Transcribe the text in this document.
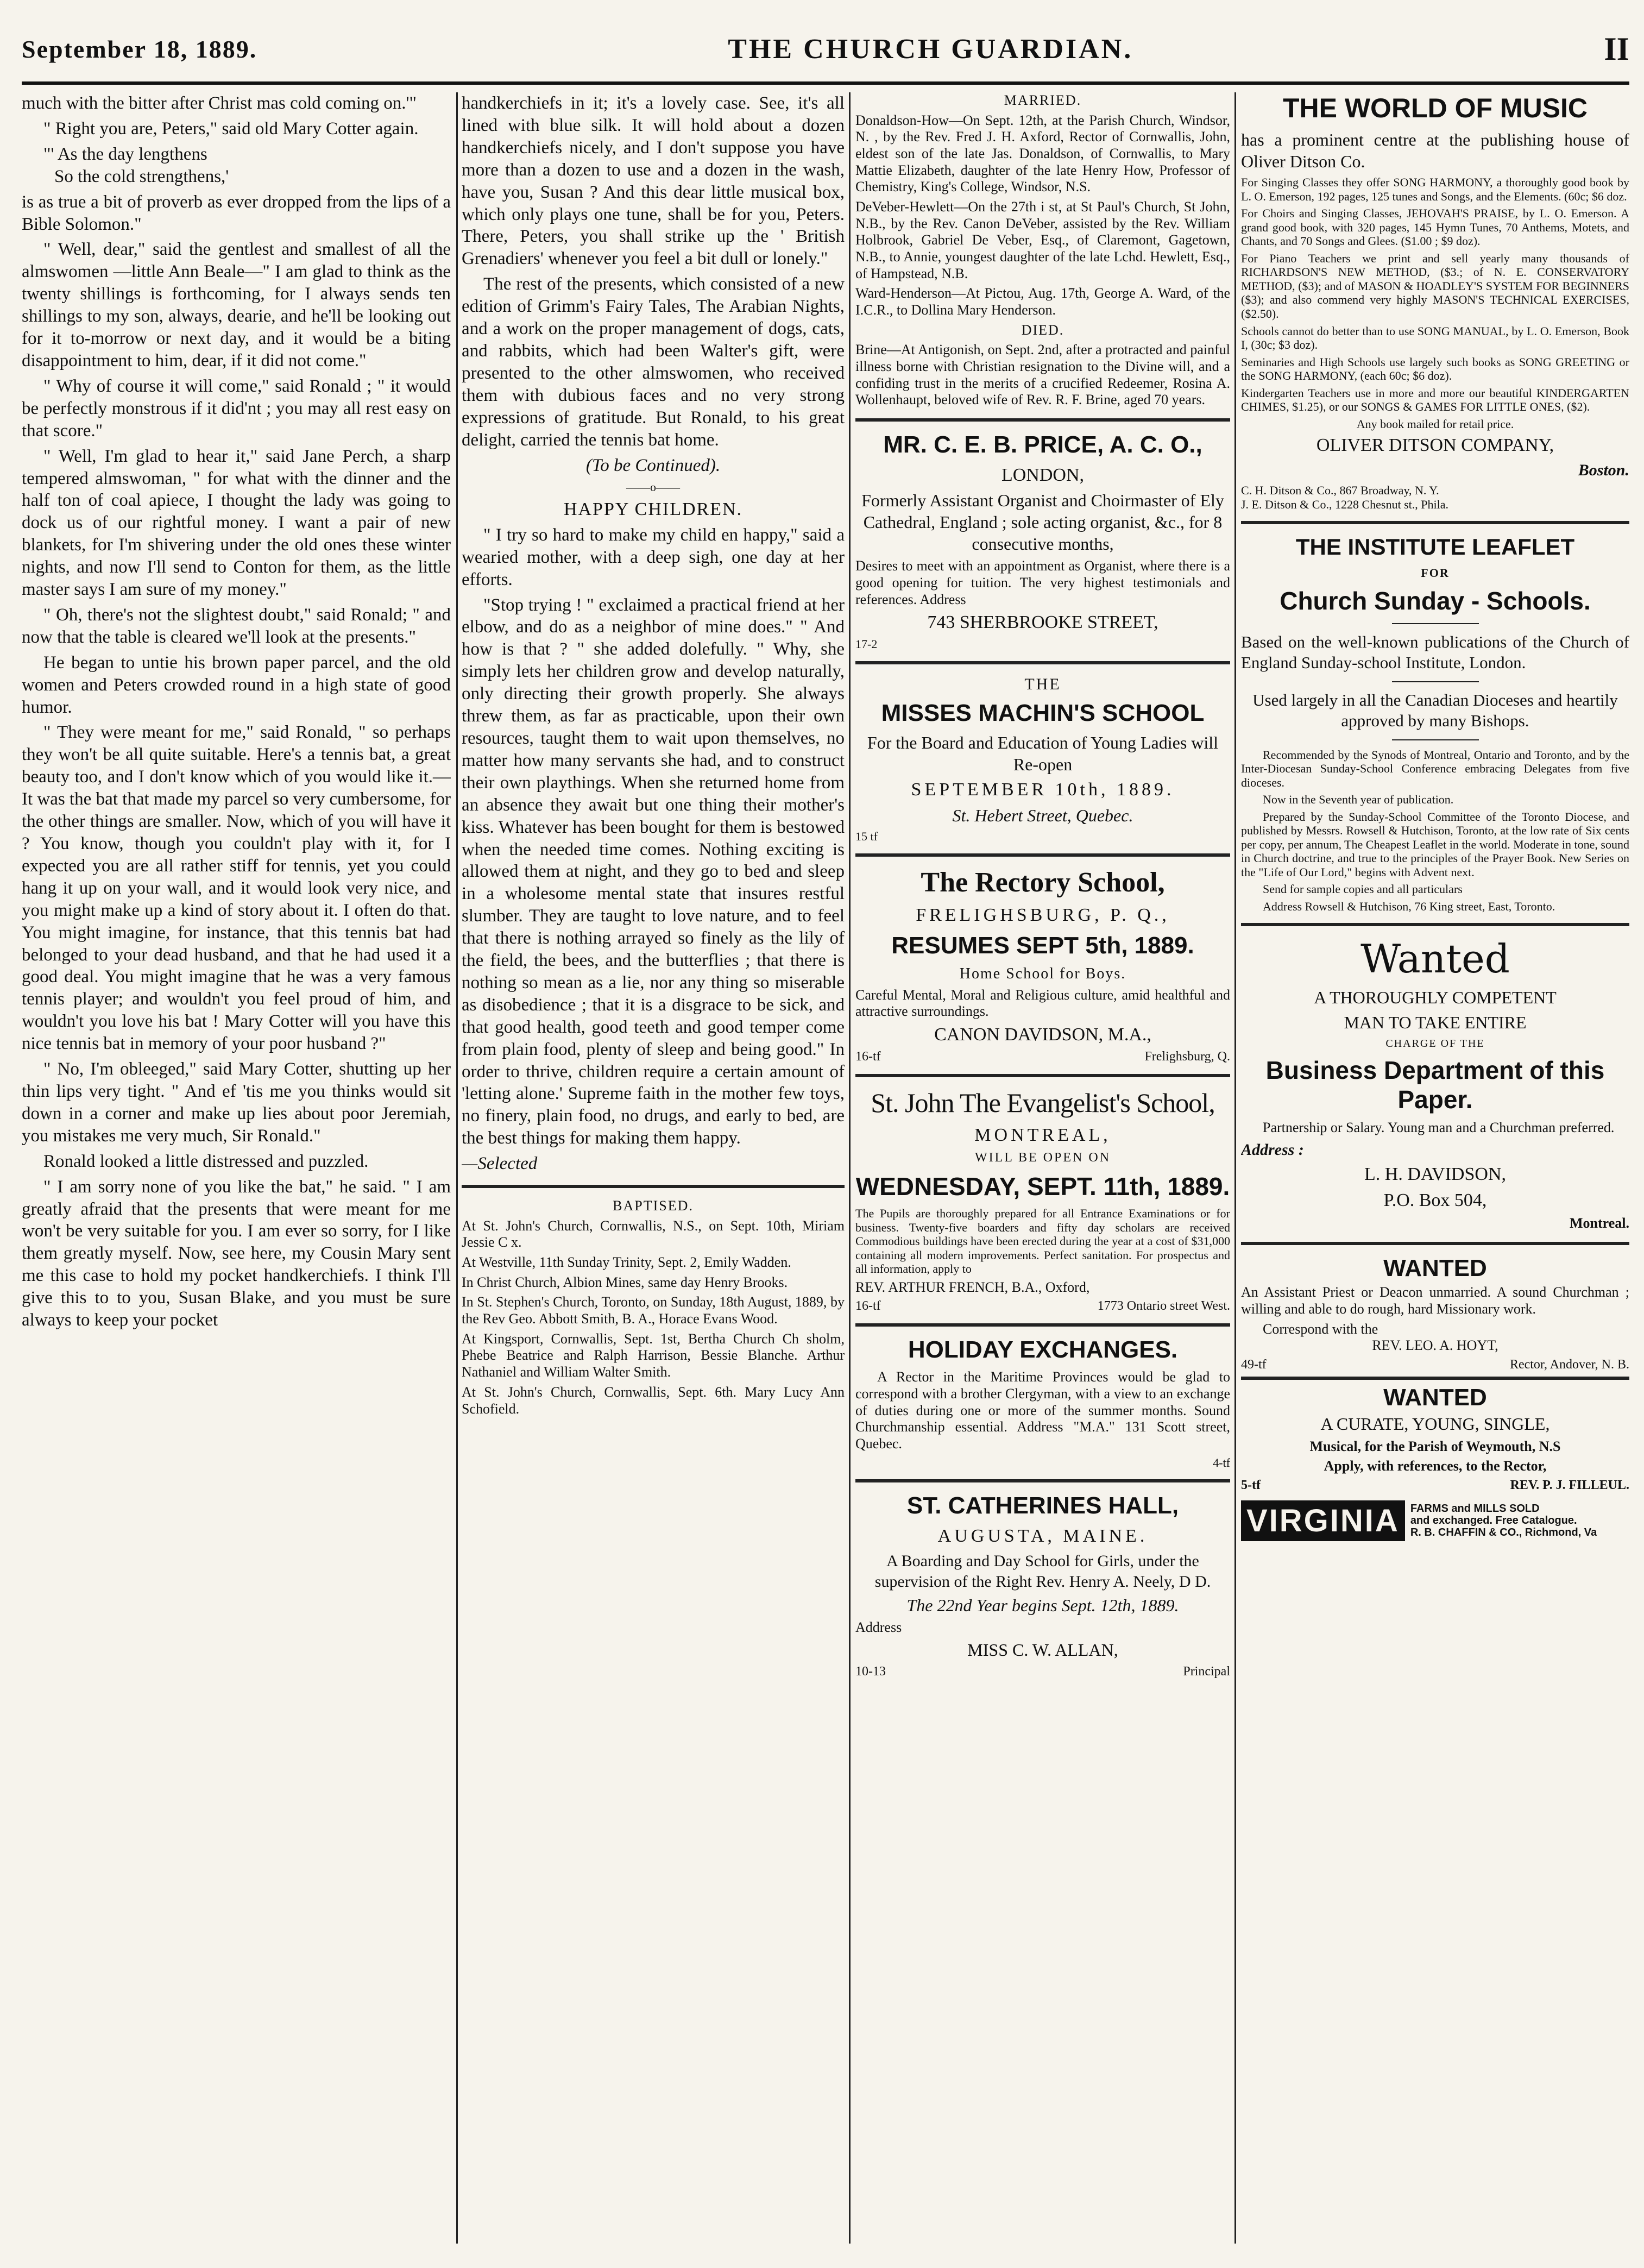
September 18, 1889.	THE CHURCH GUARDIAN.	II

much with the bitter after Christ mas cold coming on.'"

" Right you are, Peters," said old Mary Cotter again.

"' As the day lengthens

So the cold strengthens,'

is as true a bit of proverb as ever dropped from the lips of a Bible Solomon."

" Well, dear," said the gentlest and smallest of all the almswomen —little Ann Beale—" I am glad to think as the twenty shillings is forthcoming, for I always sends ten shillings to my son, always, dearie, and he'll be looking out for it to-morrow or next day, and it would be a biting disappointment to him, dear, if it did not come."

" Why of course it will come," said Ronald ; " it would be perfectly monstrous if it did'nt ; you may all rest easy on that score."

" Well, I'm glad to hear it," said Jane Perch, a sharp tempered almswoman, " for what with the dinner and the half ton of coal apiece, I thought the lady was going to dock us of our rightful money. I want a pair of new blankets, for I'm shivering under the old ones these winter nights, and now I'll send to Conton for them, as the little master says I am sure of my money."

" Oh, there's not the slightest doubt," said Ronald; " and now that the table is cleared we'll look at the presents."

He began to untie his brown paper parcel, and the old women and Peters crowded round in a high state of good humor.

" They were meant for me," said Ronald, " so perhaps they won't be all quite suitable. Here's a tennis bat, a great beauty too, and I don't know which of you would like it.— It was the bat that made my parcel so very cumbersome, for the other things are smaller. Now, which of you will have it ? You know, though you couldn't play with it, for I expected you are all rather stiff for tennis, yet you could hang it up on your wall, and it would look very nice, and you might make up a kind of story about it. I often do that. You might imagine, for instance, that this tennis bat had belonged to your dead husband, and that he had used it a good deal. You might imagine that he was a very famous tennis player; and wouldn't you feel proud of him, and wouldn't you love his bat ! Mary Cotter will you have this nice tennis bat in memory of your poor husband ?"

" No, I'm obleeged," said Mary Cotter, shutting up her thin lips very tight. " And ef 'tis me you thinks would sit down in a corner and make up lies about poor Jeremiah, you mistakes me very much, Sir Ronald."

Ronald looked a little distressed and puzzled.

" I am sorry none of you like the bat," he said. " I am greatly afraid that the presents that were meant for me won't be very suitable for you. I am ever so sorry, for I like them greatly myself. Now, see here, my Cousin Mary sent me this case to hold my pocket handkerchiefs. I think I'll give this to to you, Susan Blake, and you must be sure always to keep your pocket

handkerchiefs in it; it's a lovely case. See, it's all lined with blue silk. It will hold about a dozen handkerchiefs nicely, and I don't suppose you have more than a dozen to use and a dozen in the wash, have you, Susan ? And this dear little musical box, which only plays one tune, shall be for you, Peters. There, Peters, you shall strike up the ' British Grenadiers' whenever you feel a bit dull or lonely."

The rest of the presents, which consisted of a new edition of Grimm's Fairy Tales, The Arabian Nights, and a work on the proper management of dogs, cats, and rabbits, which had been Walter's gift, were presented to the other almswomen, who received them with dubious faces and no very strong expressions of gratitude. But Ronald, to his great delight, carried the tennis bat home.

(To be Continued).

——o——

HAPPY CHILDREN.

" I try so hard to make my child en happy," said a wearied mother, with a deep sigh, one day at her efforts.

"Stop trying ! " exclaimed a practical friend at her elbow, and do as a neighbor of mine does." " And how is that ? " she added dolefully. " Why, she simply lets her children grow and develop naturally, only directing their growth properly. She always threw them, as far as practicable, upon their own resources, taught them to wait upon themselves, no matter how many servants she had, and to construct their own playthings. When she returned home from an absence they await but one thing their mother's kiss. Whatever has been bought for them is bestowed when the needed time comes. Nothing exciting is allowed them at night, and they go to bed and sleep in a wholesome mental state that insures restful slumber. They are taught to love nature, and to feel that there is nothing arrayed so finely as the lily of the field, the bees, and the butterflies ; that there is nothing so mean as a lie, nor any thing so miserable as disobedience ; that it is a disgrace to be sick, and that good health, good teeth and good temper come from plain food, plenty of sleep and being good." In order to thrive, children require a certain amount of 'letting alone.' Supreme faith in the mother few toys, no finery, plain food, no drugs, and early to bed, are the best things for making them happy.

—Selected

BAPTISED.

At St. John's Church, Cornwallis, N.S., on Sept. 10th, Miriam Jessie C x.

At Westville, 11th Sunday Trinity, Sept. 2, Emily Wadden.

In Christ Church, Albion Mines, same day Henry Brooks.

In St. Stephen's Church, Toronto, on Sunday, 18th August, 1889, by the Rev Geo. Abbott Smith, B. A., Horace Evans Wood.

At Kingsport, Cornwallis, Sept. 1st, Bertha Church Ch sholm, Phebe Beatrice and Ralph Harrison, Bessie Blanche. Arthur Nathaniel and William Walter Smith.

At St. John's Church, Cornwallis, Sept. 6th. Mary Lucy Ann Schofield.

MARRIED.

Donaldson-How—On Sept. 12th, at the Parish Church, Windsor, N. , by the Rev. Fred J. H. Axford, Rector of Cornwallis, John, eldest son of the late Jas. Donaldson, of Cornwallis, to Mary Mattie Elizabeth, daughter of the late Henry How, Professor of Chemistry, King's College, Windsor, N.S.

DeVeber-Hewlett—On the 27th i st, at St Paul's Church, St John, N.B., by the Rev. Canon DeVeber, assisted by the Rev. William Holbrook, Gabriel De Veber, Esq., of Claremont, Gagetown, N.B., to Annie, youngest daughter of the late Lchd. Hewlett, Esq., of Hampstead, N.B.

Ward-Henderson—At Pictou, Aug. 17th, George A. Ward, of the I.C.R., to Dollina Mary Henderson.

DIED.

Brine—At Antigonish, on Sept. 2nd, after a protracted and painful illness borne with Christian resignation to the Divine will, and a confiding trust in the merits of a crucified Redeemer, Rosina A. Wollenhaupt, beloved wife of Rev. R. F. Brine, aged 70 years.

MR. C. E. B. PRICE, A. C. O.,

LONDON,

Formerly Assistant Organist and Choirmaster of Ely Cathedral, England ; sole acting organist, &c., for 8 consecutive months,

Desires to meet with an appointment as Organist, where there is a good opening for tuition. The very highest testimonials and references. Address

743 SHERBROOKE STREET,

17-2

THE

MISSES MACHIN'S SCHOOL

For the Board and Education of Young Ladies will Re-open

SEPTEMBER 10th, 1889.

St. Hebert Street, Quebec.

15 tf

The Rectory School,

FRELIGHSBURG, P. Q.,

RESUMES SEPT 5th, 1889.

Home School for Boys.

Careful Mental, Moral and Religious culture, amid healthful and attractive surroundings.

CANON DAVIDSON, M.A.,

16-tf	Frelighsburg, Q.
St. John The Evangelist's School,

MONTREAL,

WILL BE OPEN ON

WEDNESDAY, SEPT. 11th, 1889.

The Pupils are thoroughly prepared for all Entrance Examinations or for business. Twenty-five boarders and fifty day scholars are received Commodious buildings have been erected during the year at a cost of $31,000 containing all modern improvements. Perfect sanitation. For prospectus and all information, apply to

REV. ARTHUR FRENCH, B.A., Oxford,

16-tf	1773 Ontario street West.
HOLIDAY EXCHANGES.

A Rector in the Maritime Provinces would be glad to correspond with a brother Clergyman, with a view to an exchange of duties during one or more of the summer months. Sound Churchmanship essential. Address "M.A." 131 Scott street, Quebec.

4-tf

ST. CATHERINES HALL,

AUGUSTA, MAINE.

A Boarding and Day School for Girls, under the supervision of the Right Rev. Henry A. Neely, D D.

The 22nd Year begins Sept. 12th, 1889.

Address

MISS C. W. ALLAN,

10-13	Principal
THE WORLD OF MUSIC

has a prominent centre at the publishing house of Oliver Ditson Co.

For Singing Classes they offer SONG HARMONY, a thoroughly good book by L. O. Emerson, 192 pages, 125 tunes and Songs, and the Elements. (60c; $6 doz.

For Choirs and Singing Classes, JEHOVAH'S PRAISE, by L. O. Emerson. A grand good book, with 320 pages, 145 Hymn Tunes, 70 Anthems, Motets, and Chants, and 70 Songs and Glees. ($1.00 ; $9 doz).

For Piano Teachers we print and sell yearly many thousands of RICHARDSON'S NEW METHOD, ($3.; of N. E. CONSERVATORY METHOD, ($3); and of MASON & HOADLEY'S SYSTEM FOR BEGINNERS ($3); and also commend very highly MASON'S TECHNICAL EXERCISES, ($2.50).

Schools cannot do better than to use SONG MANUAL, by L. O. Emerson, Book I, (30c; $3 doz).

Seminaries and High Schools use largely such books as SONG GREETING or the SONG HARMONY, (each 60c; $6 doz).

Kindergarten Teachers use in more and more our beautiful KINDERGARTEN CHIMES, $1.25), or our SONGS & GAMES FOR LITTLE ONES, ($2).

Any book mailed for retail price.

OLIVER DITSON COMPANY,

Boston.

C. H. Ditson & Co., 867 Broadway, N. Y.

J. E. Ditson & Co., 1228 Chesnut st., Phila.

THE INSTITUTE LEAFLET

FOR

Church Sunday - Schools.

Based on the well-known publications of the Church of England Sunday-school Institute, London.

Used largely in all the Canadian Dioceses and heartily approved by many Bishops.

Recommended by the Synods of Montreal, Ontario and Toronto, and by the Inter-Diocesan Sunday-School Conference embracing Delegates from five dioceses.

Now in the Seventh year of publication.

Prepared by the Sunday-School Committee of the Toronto Diocese, and published by Messrs. Rowsell & Hutchison, Toronto, at the low rate of Six cents per copy, per annum, The Cheapest Leaflet in the world. Moderate in tone, sound in Church doctrine, and true to the principles of the Prayer Book. New Series on the "Life of Our Lord," begins with Advent next.

Send for sample copies and all particulars

Address Rowsell & Hutchison, 76 King street, East, Toronto.

Wanted

A THOROUGHLY COMPETENT

MAN TO TAKE ENTIRE

CHARGE OF THE

Business Department of this Paper.

Partnership or Salary. Young man and a Churchman preferred.

Address :

L. H. DAVIDSON,

P.O. Box 504,

Montreal.

WANTED

An Assistant Priest or Deacon unmarried. A sound Churchman ; willing and able to do rough, hard Missionary work.

Correspond with the

REV. LEO. A. HOYT,

49-tf	Rector, Andover, N. B.
WANTED

A CURATE, YOUNG, SINGLE,

Musical, for the Parish of Weymouth, N.S

Apply, with references, to the Rector,

5-tf	REV. P. J. FILLEUL.
VIRGINIA	FARMS and MILLS SOLD
and exchanged. Free Catalogue.
R. B. CHAFFIN & CO., Richmond, Va
